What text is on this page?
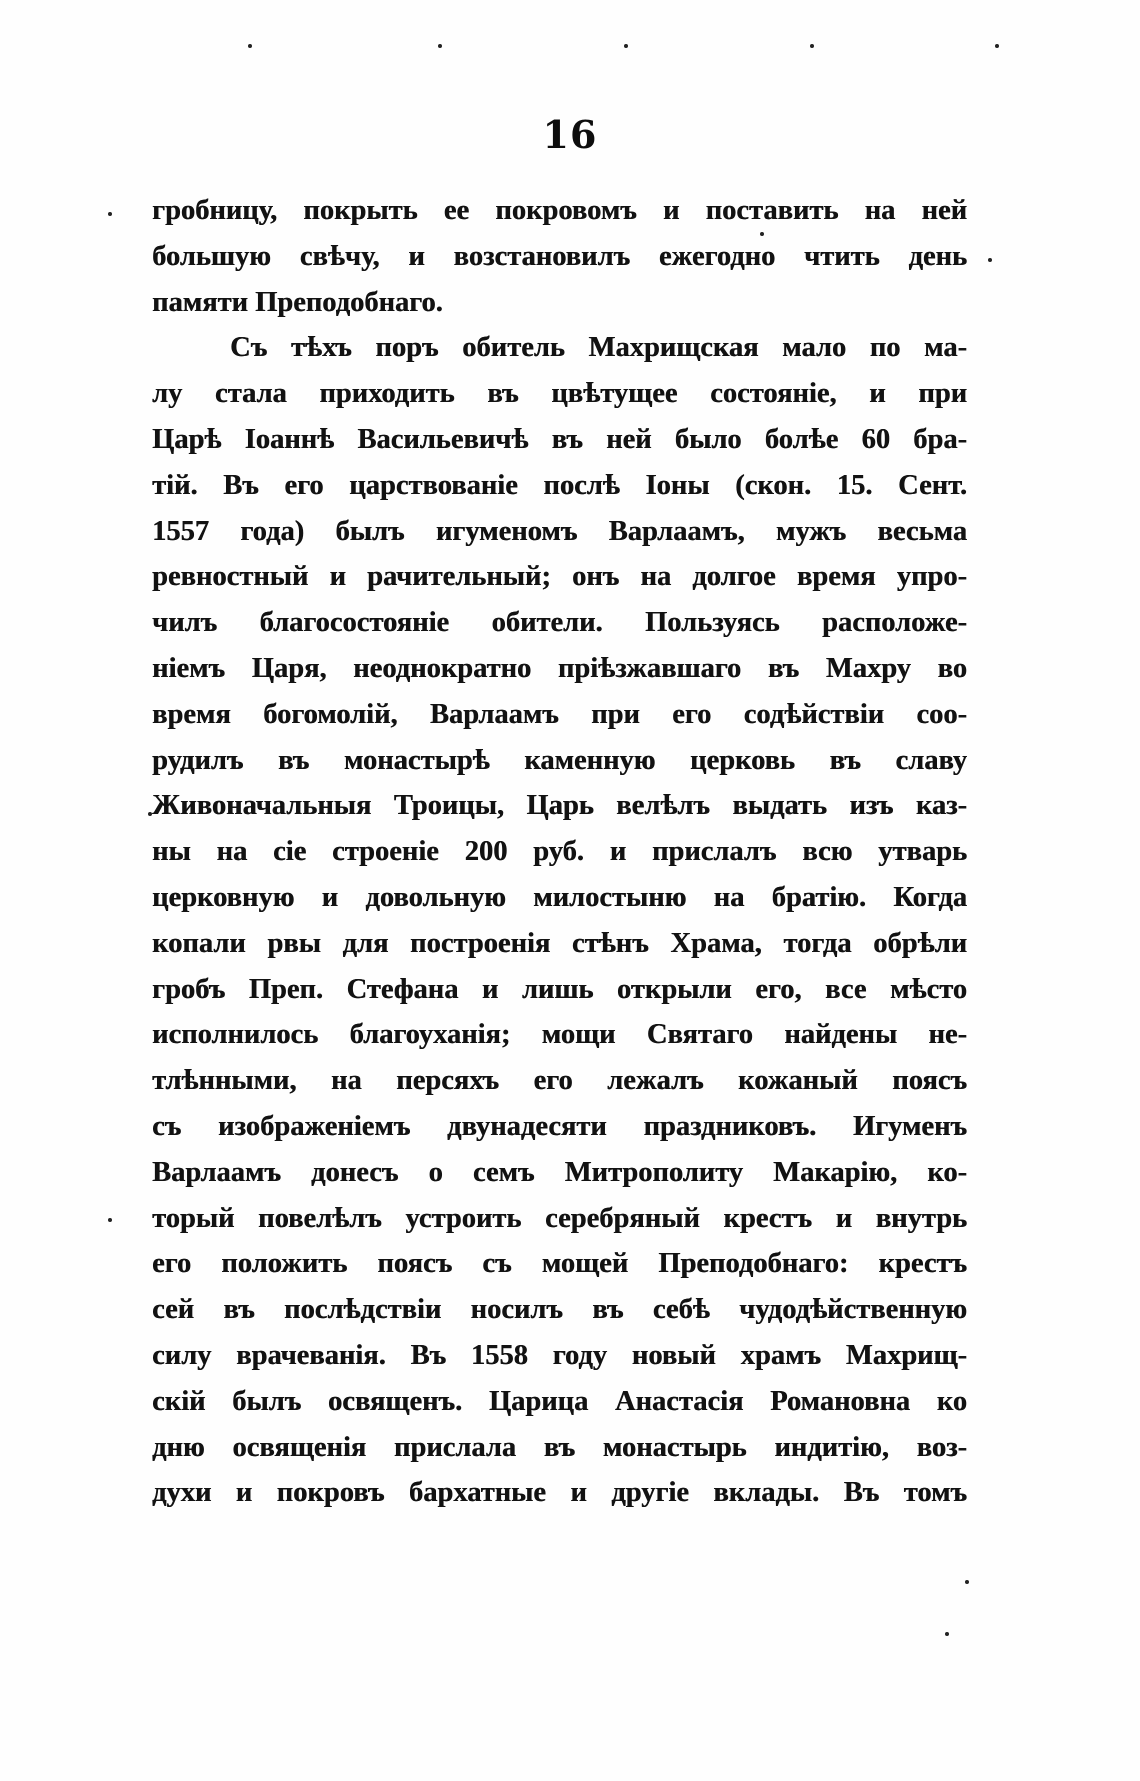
16
гробницу, покрыть ее покровомъ и поставить на ней
большую свѣчу, и возстановилъ ежегодно чтить день
памяти Преподобнаго.
Съ тѣхъ поръ обитель Махрищская мало по ма-
лу стала приходить въ цвѣтущее состояніе, и при
Царѣ Іоаннѣ Васильевичѣ въ ней было болѣе 60 бра-
тій. Въ его царствованіе послѣ Іоны (скон. 15. Сент.
1557 года) былъ игуменомъ Варлаамъ, мужъ весьма
ревностный и рачительный; онъ на долгое время упро-
чилъ благосостояніе обители. Пользуясь расположе-
ніемъ Царя, неоднократно пріѣзжавшаго въ Махру во
время богомолій, Варлаамъ при его содѣйствіи соо-
рудилъ въ монастырѣ каменную церковь въ славу
Живоначальныя Троицы, Царь велѣлъ выдать изъ каз-
ны на сіе строеніе 200 руб. и прислалъ всю утварь
церковную и довольную милостыню на братію. Когда
копали рвы для построенія стѣнъ Храма, тогда обрѣли
гробъ Преп. Стефана и лишь открыли его, все мѣсто
исполнилось благоуханія; мощи Святаго найдены не-
тлѣнными, на персяхъ его лежалъ кожаный поясъ
съ изображеніемъ двунадесяти праздниковъ. Игуменъ
Варлаамъ донесъ о семъ Митрополиту Макарію, ко-
торый повелѣлъ устроить серебряный крестъ и внутрь
его положить поясъ съ мощей Преподобнаго: крестъ
сей въ послѣдствіи носилъ въ себѣ чудодѣйственную
силу врачеванія. Въ 1558 году новый храмъ Махрищ-
скій былъ освященъ. Царица Анастасія Романовна ко
дню освященія прислала въ монастырь индитію, воз-
духи и покровъ бархатные и другіе вклады. Въ томъ
